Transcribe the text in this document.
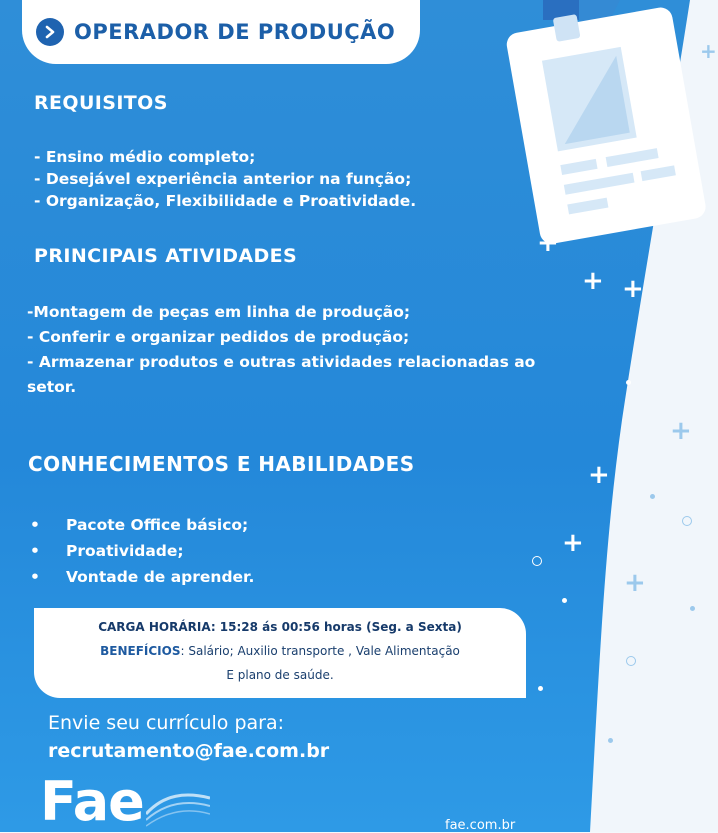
+
+ +
+
+
+
+
+
OPERADOR DE PRODUÇÃO
REQUISITOS
- Ensino médio completo;
- Desejável experiência anterior na função;
- Organização, Flexibilidade e Proatividade.
PRINCIPAIS ATIVIDADES
-Montagem de peças em linha de produção;
- Conferir e organizar pedidos de produção;
- Armazenar produtos e outras atividades relacionadas ao
setor.
CONHECIMENTOS E HABILIDADES
•	Pacote Office básico;
•	Proatividade;
•	Vontade de aprender.
CARGA HORÁRIA: 15:28 ás 00:56 horas (Seg. a Sexta)
BENEFÍCIOS: Salário; Auxilio transporte , Vale Alimentação
E plano de saúde.
Envie seu currículo para:
recrutamento@fae.com.br
Fae	fae.com.br
